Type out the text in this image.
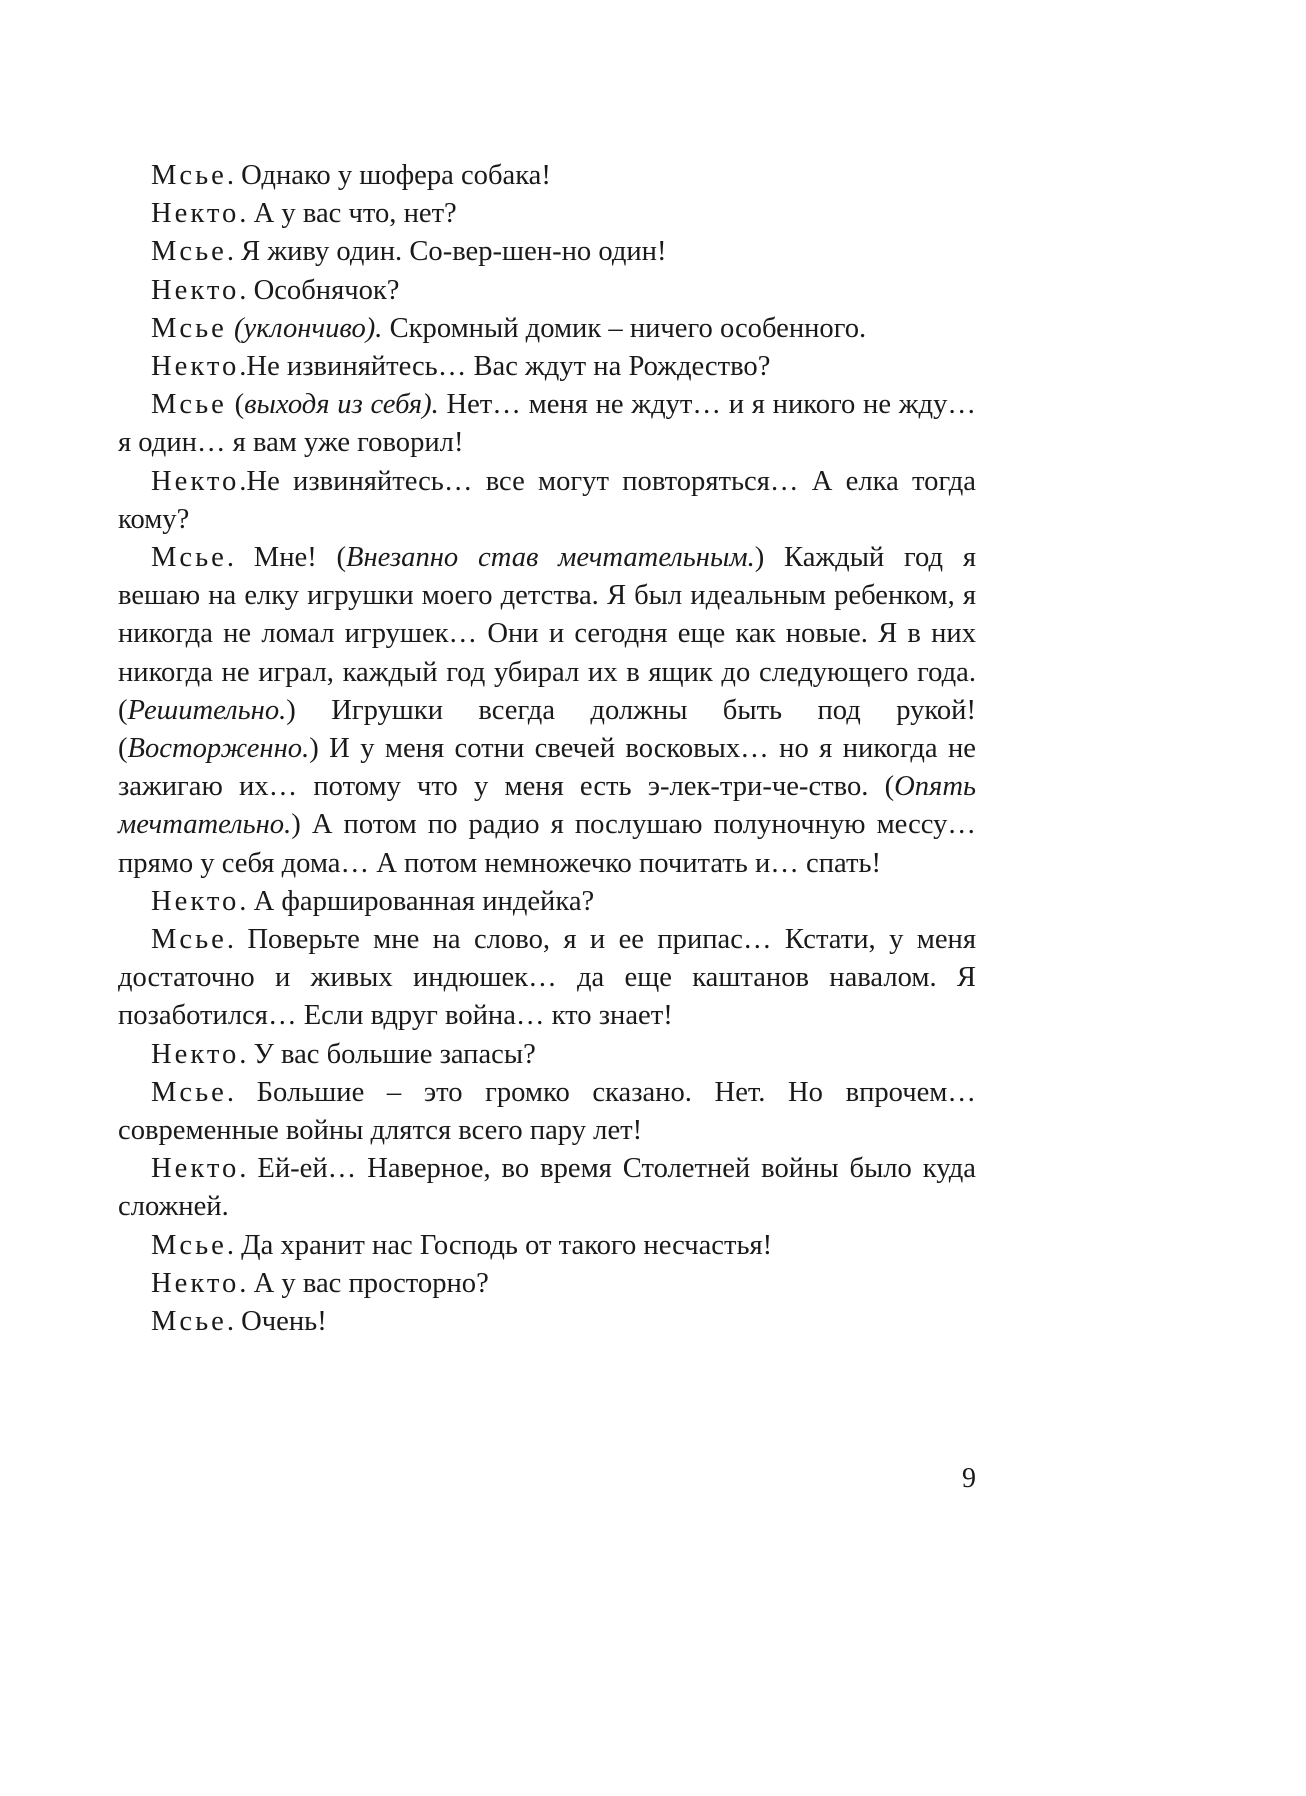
Мсье. Однако у шофера собака!

Некто. А у вас что, нет?

Мсье. Я живу один. Со-вер-шен-но один!

Некто. Особнячок?

Мсье (уклончиво). Скромный домик – ничего особенного.

Некто.Не извиняйтесь… Вас ждут на Рождество?

Мсье (выходя из себя). Нет… меня не ждут… и я никого не жду… я один… я вам уже говорил!

Некто.Не извиняйтесь… все могут повторяться… А елка тогда кому?

Мсье. Мне! (Внезапно став мечтательным.) Каждый год я вешаю на елку игрушки моего детства. Я был идеальным ребенком, я никогда не ломал игрушек… Они и сегодня еще как новые. Я в них никогда не играл, каждый год убирал их в ящик до следующего года. (Решительно.) Игрушки всегда должны быть под рукой! (Восторженно.) И у меня сотни свечей восковых… но я никогда не зажигаю их… потому что у меня есть э-лек-три-че-ство. (Опять мечтательно.) А потом по радио я послушаю полуночную мессу… прямо у себя дома… А потом немножечко почитать и… спать!

Некто. А фаршированная индейка?

Мсье. Поверьте мне на слово, я и ее припас… Кстати, у меня достаточно и живых индюшек… да еще каштанов навалом. Я позаботился… Если вдруг война… кто знает!

Некто. У вас большие запасы?

Мсье. Большие – это громко сказано. Нет. Но впрочем… современные войны длятся всего пару лет!

Некто. Ей-ей… Наверное, во время Столетней войны было куда сложней.

Мсье. Да хранит нас Господь от такого несчастья!

Некто. А у вас просторно?

Мсье. Очень!

9
